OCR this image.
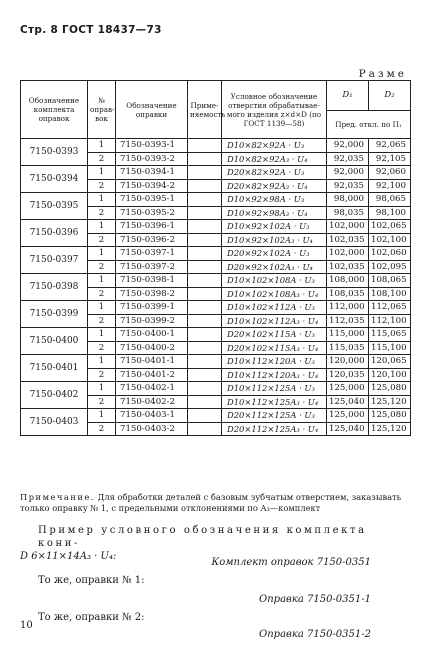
Стр. 8 ГОСТ 18437—73
Разме
Обозначение комплекта оправок	№ оправ-вок	Обозначение оправки	Приме-няемость	Условное обозначение отверстия обрабатывае-мого изделия z×d×D (по ГОСТ 1139—58)	D₁	D₂
					Пред. откл. по П₁	
7150-0393	1	7150-0393-1		D10×82×92A · U₃	92,000	92,065
	2	7150-0393-2		D10×82×92A₃ · U₄	92,035	92,105
7150-0394	1	7150-0394-1		D20×82×92A · U₃	92,000	92,060
	2	7150-0394-2		D20×82×92A₃ · U₄	92,035	92,100
7150-0395	1	7150-0395-1		D10×92×98A · U₃	98,000	98,065
	2	7150-0395-2		D10×92×98A₃ · U₄	98,035	98,100
7150-0396	1	7150-0396-1		D10×92×102A · U₃	102,000	102,065
	2	7150-0396-2		D10×92×102A₃ · U₄	102,035	102,100
7150-0397	1	7150-0397-1		D20×92×102A · U₃	102,000	102,060
	2	7150-0397-2		D20×92×102A₃ · U₄	102,035	102,095
7150-0398	1	7150-0398-1		D10×102×108A · U₃	108,000	108,065
	2	7150-0398-2		D10×102×108A₃ · U₄	108,035	108,100
7150-0399	1	7150-0399-1		D10×102×112A · U₃	112,000	112,065
	2	7150-0399-2		D10×102×112A₃ · U₄	112,035	112,100
7150-0400	1	7150-0400-1		D20×102×115A · U₃	115,000	115,065
	2	7150-0400-2		D20×102×115A₃ · U₄	115,035	115,100
7150-0401	1	7150-0401-1		D10×112×120A · U₃	120,000	120,065
	2	7150-0401-2		D10×112×120A₃ · U₄	120,035	120,100
7150-0402	1	7150-0402-1		D10×112×125A · U₃	125,000	125,080
	2	7150-0402-2		D10×112×125A₃ · U₄	125,040	125,120
7150-0403	1	7150-0403-1		D20×112×125A · U₃	125,000	125,080
	2	7150-0403-2		D20×112×125A₃ · U₄	125,040	125,120
Примечание. Для обработки деталей с базовым зубчатым отверстием, заказывать только оправку № 1, с предельными отклонениями по A₃—комплект
Пример условного обозначения комплекта кони-
D 6×11×14A₃ · U₄:
Комплект оправок 7150-0351
То же, оправки № 1:
Оправка 7150-0351-1
То же, оправки № 2:
Оправка 7150-0351-2
10
